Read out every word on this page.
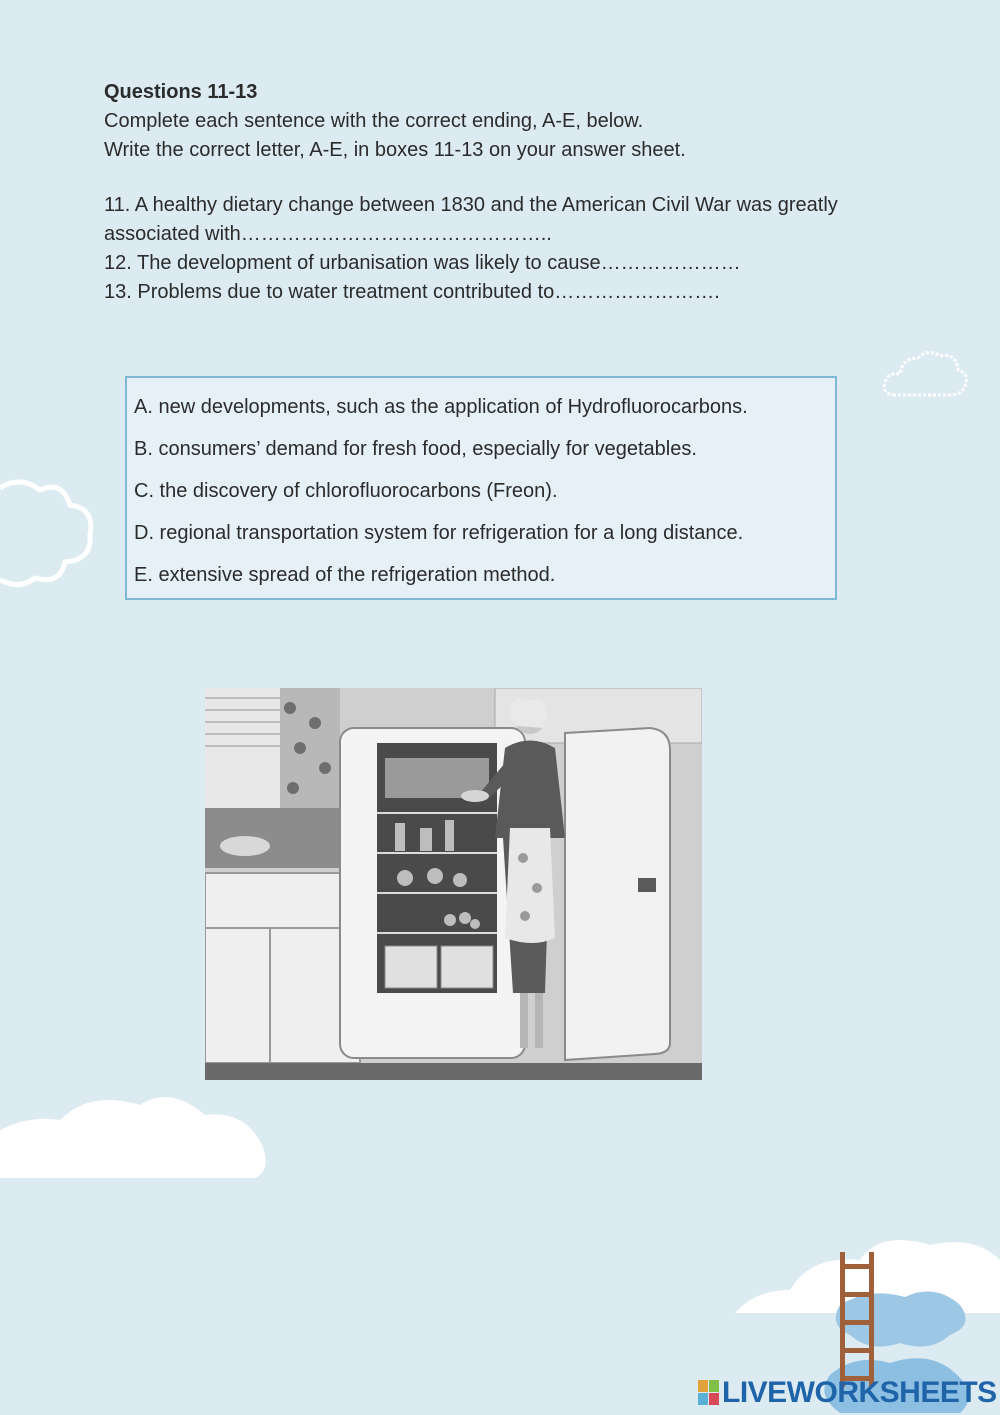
Questions 11-13
Complete each sentence with the correct ending, A-E, below.
Write the correct letter, A-E, in boxes 11-13 on your answer sheet.
11. A healthy dietary change between 1830 and the American Civil War was greatly
associated with………………………………………..
12. The development of urbanisation was likely to cause…………………
13. Problems due to water treatment contributed to…………………….
A. new developments, such as the application of Hydrofluorocarbons.
B. consumers’ demand for fresh food, especially for vegetables.
C. the discovery of chlorofluorocarbons (Freon).
D. regional transportation system for refrigeration for a long distance.
E. extensive spread of the refrigeration method.
LIVEWORKSHEETS
